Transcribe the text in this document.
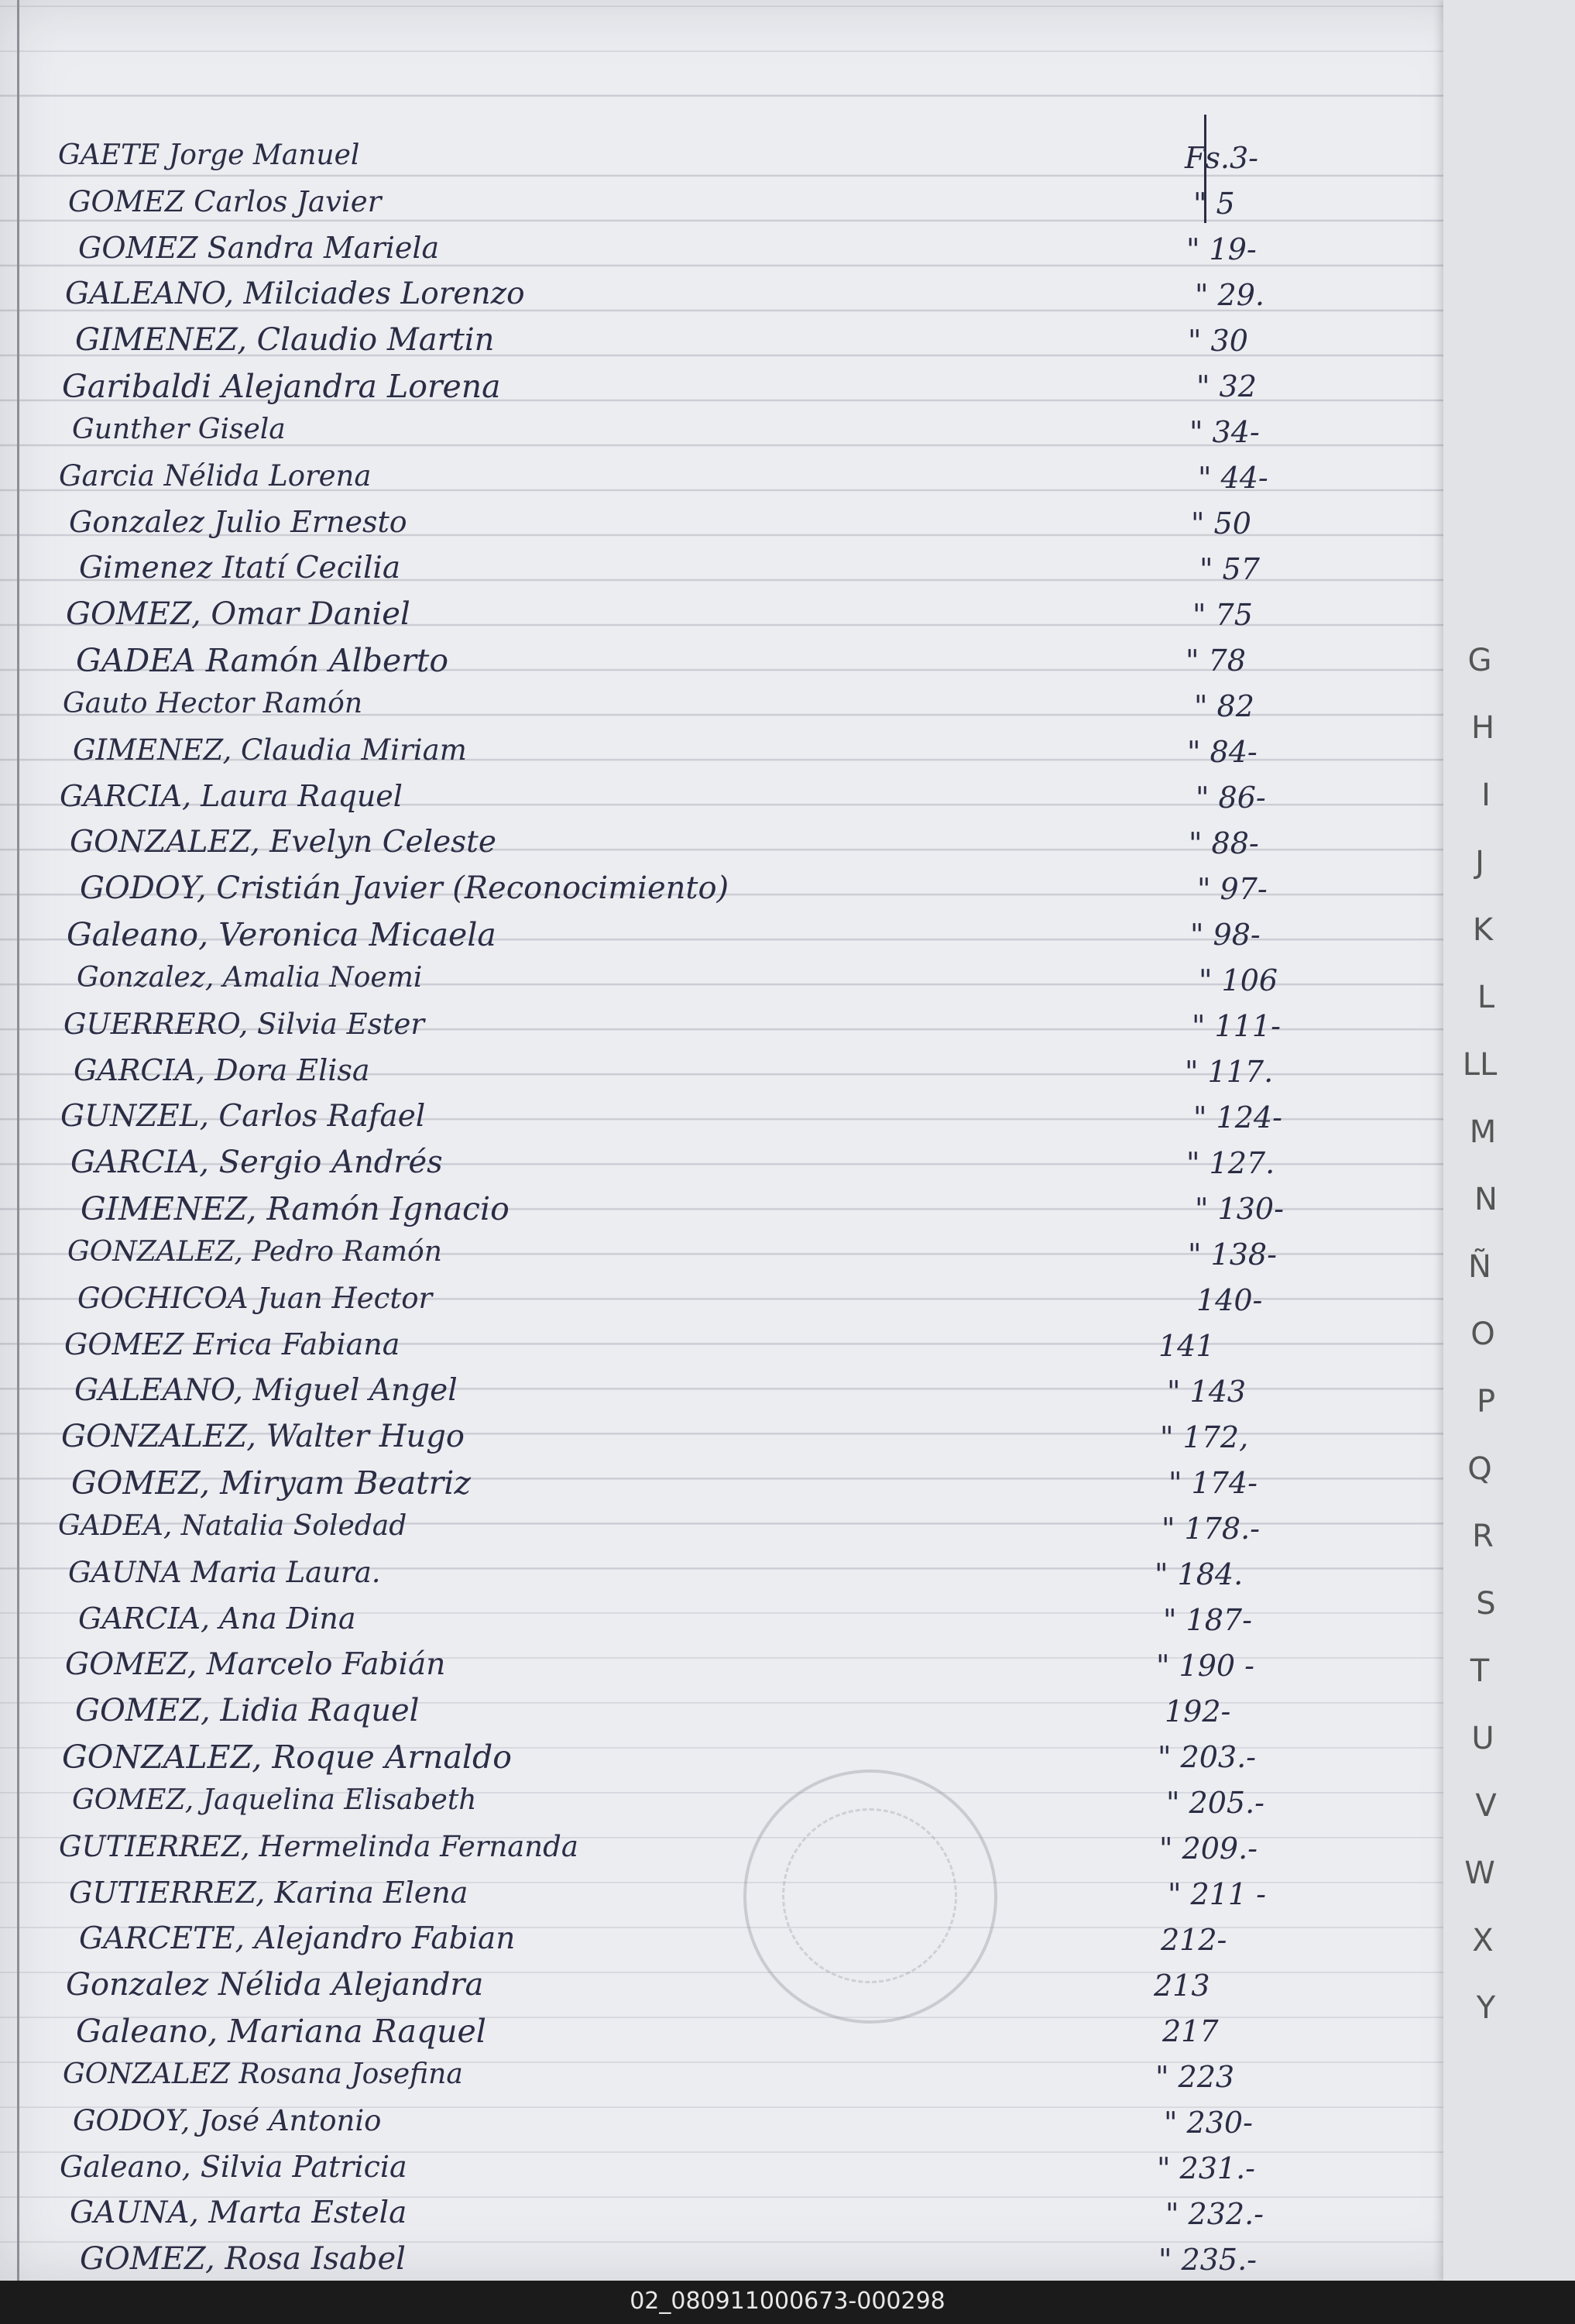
GAETE Jorge Manuel	Fs.3-
GOMEZ Carlos Javier	" 5
GOMEZ Sandra Mariela	" 19-
GALEANO, Milciades Lorenzo	" 29.
GIMENEZ, Claudio Martin	" 30
Garibaldi Alejandra Lorena	" 32
Gunther Gisela	" 34-
Garcia Nélida Lorena	" 44-
Gonzalez Julio Ernesto	" 50
Gimenez Itatí Cecilia	" 57
GOMEZ, Omar Daniel	" 75
GADEA Ramón Alberto	" 78
Gauto Hector Ramón	" 82
GIMENEZ, Claudia Miriam	" 84-
GARCIA, Laura Raquel	" 86-
GONZALEZ, Evelyn Celeste	" 88-
GODOY, Cristián Javier (Reconocimiento)	" 97-
Galeano, Veronica Micaela	" 98-
Gonzalez, Amalia Noemi	" 106
GUERRERO, Silvia Ester	" 111-
GARCIA, Dora Elisa	" 117.
GUNZEL, Carlos Rafael	" 124-
GARCIA, Sergio Andrés	" 127.
GIMENEZ, Ramón Ignacio	" 130-
GONZALEZ, Pedro Ramón	" 138-
GOCHICOA Juan Hector	140-
GOMEZ Erica Fabiana	141
GALEANO, Miguel Angel	" 143
GONZALEZ, Walter Hugo	" 172,
GOMEZ, Miryam Beatriz	" 174-
GADEA, Natalia Soledad	" 178.-
GAUNA Maria Laura.	" 184.
GARCIA, Ana Dina	" 187-
GOMEZ, Marcelo Fabián	" 190 -
GOMEZ, Lidia Raquel	192-
GONZALEZ, Roque Arnaldo	" 203.-
GOMEZ, Jaquelina Elisabeth	" 205.-
GUTIERREZ, Hermelinda Fernanda	" 209.-
GUTIERREZ, Karina Elena	" 211 -
GARCETE, Alejandro Fabian	212-
Gonzalez Nélida Alejandra	213
Galeano, Mariana Raquel	217
GONZALEZ Rosana Josefina	" 223
GODOY, José Antonio	" 230-
Galeano, Silvia Patricia	" 231.-
GAUNA, Marta Estela	" 232.-
GOMEZ, Rosa Isabel	" 235.-
G
H
I
J
K
L
LL
M
N
Ñ
O
P
Q
R
S
T
U
V
W
X
Y
02_080911000673-000298
